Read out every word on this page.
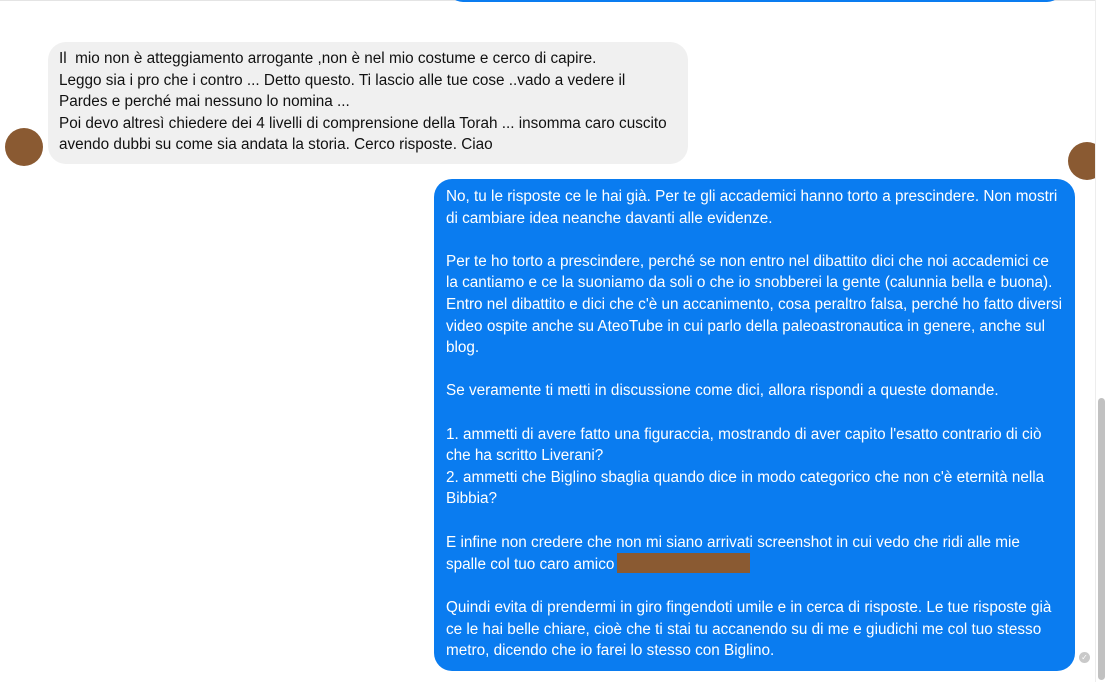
Il  mio non è atteggiamento arrogante ,non è nel mio costume e cerco di capire.
Leggo sia i pro che i contro ... Detto questo. Ti lascio alle tue cose ..vado a vedere il Pardes e perché mai nessuno lo nomina ...
Poi devo altresì chiedere dei 4 livelli di comprensione della Torah ... insomma caro cuscito avendo dubbi su come sia andata la storia. Cerco risposte. Ciao
No, tu le risposte ce le hai già. Per te gli accademici hanno torto a prescindere. Non mostri di cambiare idea neanche davanti alle evidenze.
Per te ho torto a prescindere, perché se non entro nel dibattito dici che noi accademici ce la cantiamo e ce la suoniamo da soli o che io snobberei la gente (calunnia bella e buona). Entro nel dibattito e dici che c'è un accanimento, cosa peraltro falsa, perché ho fatto diversi video ospite anche su AteoTube in cui parlo della paleoastronautica in genere, anche sul blog.
Se veramente ti metti in discussione come dici, allora rispondi a queste domande.
1. ammetti di avere fatto una figuraccia, mostrando di aver capito l'esatto contrario di ciò che ha scritto Liverani?
2. ammetti che Biglino sbaglia quando dice in modo categorico che non c'è eternità nella Bibbia?
E infine non credere che non mi siano arrivati screenshot in cui vedo che ridi alle mie spalle col tuo caro amico
Quindi evita di prendermi in giro fingendoti umile e in cerca di risposte. Le tue risposte già ce le hai belle chiare, cioè che ti stai tu accanendo su di me e giudichi me col tuo stesso metro, dicendo che io farei lo stesso con Biglino.	✓
